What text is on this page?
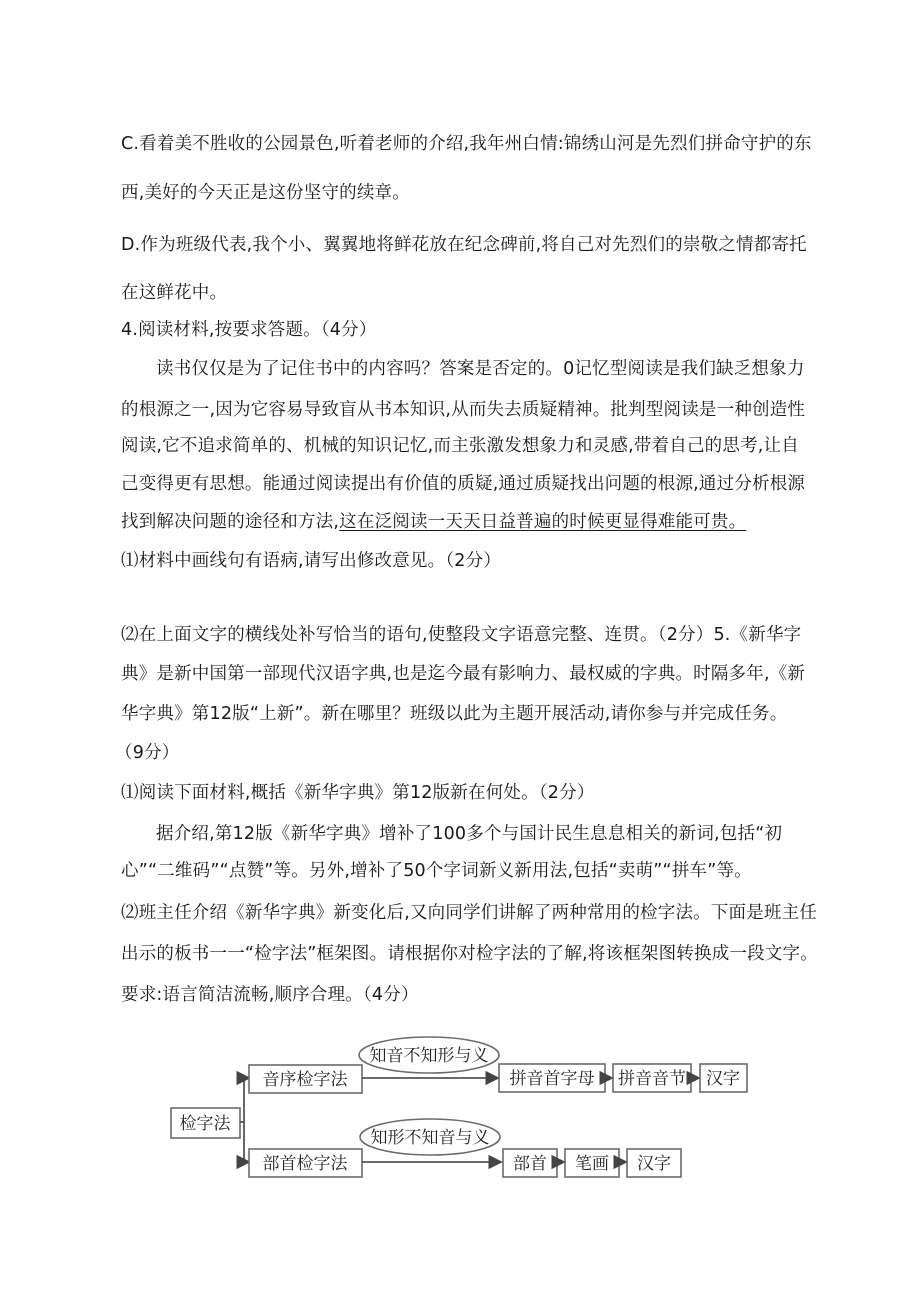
C.看着美不胜收的公园景色,听着老师的介绍,我年州白情:锦绣山河是先烈们拼命守护的东
西,美好的今天正是这份坚守的续章。
D.作为班级代表,我个小、翼翼地将鲜花放在纪念碑前,将自己对先烈们的崇敬之情都寄托
在这鲜花中。
4.阅读材料,按要求答题。（4分）
读书仅仅是为了记住书中的内容吗？答案是否定的。0记忆型阅读是我们缺乏想象力
的根源之一,因为它容易导致盲从书本知识,从而失去质疑精神。批判型阅读是一种创造性
阅读,它不追求简单的、机械的知识记忆,而主张激发想象力和灵感,带着自己的思考,让自
己变得更有思想。能通过阅读提出有价值的质疑,通过质疑找出问题的根源,通过分析根源
找到解决问题的途径和方法,这在泛阅读一天天日益普遍的时候更显得难能可贵。
⑴材料中画线句有语病,请写出修改意见。（2分）
⑵在上面文字的横线处补写恰当的语句,使整段文字语意完整、连贯。（2分）5.《新华字
典》是新中国第一部现代汉语字典,也是迄今最有影响力、最权威的字典。时隔多年,《新
华字典》第12版“上新”。新在哪里？班级以此为主题开展活动,请你参与并完成任务。
（9分）
⑴阅读下面材料,概括《新华字典》第12版新在何处。（2分）
据介绍,第12版《新华字典》增补了100多个与国计民生息息相关的新词,包括“初
心”“二维码”“点赞”等。另外,增补了50个字词新义新用法,包括“卖萌”“拼车”等。
⑵班主任介绍《新华字典》新变化后,又向同学们讲解了两种常用的检字法。下面是班主任
出示的板书一一“检字法”框架图。请根据你对检字法的了解,将该框架图转换成一段文字。
要求:语言简洁流畅,顺序合理。（4分）
检字法
音序检字法
知音不知形与义
拼音首字母 拼音音节 汉字
部首检字法
知形不知音与义
部首 笔画 汉字
